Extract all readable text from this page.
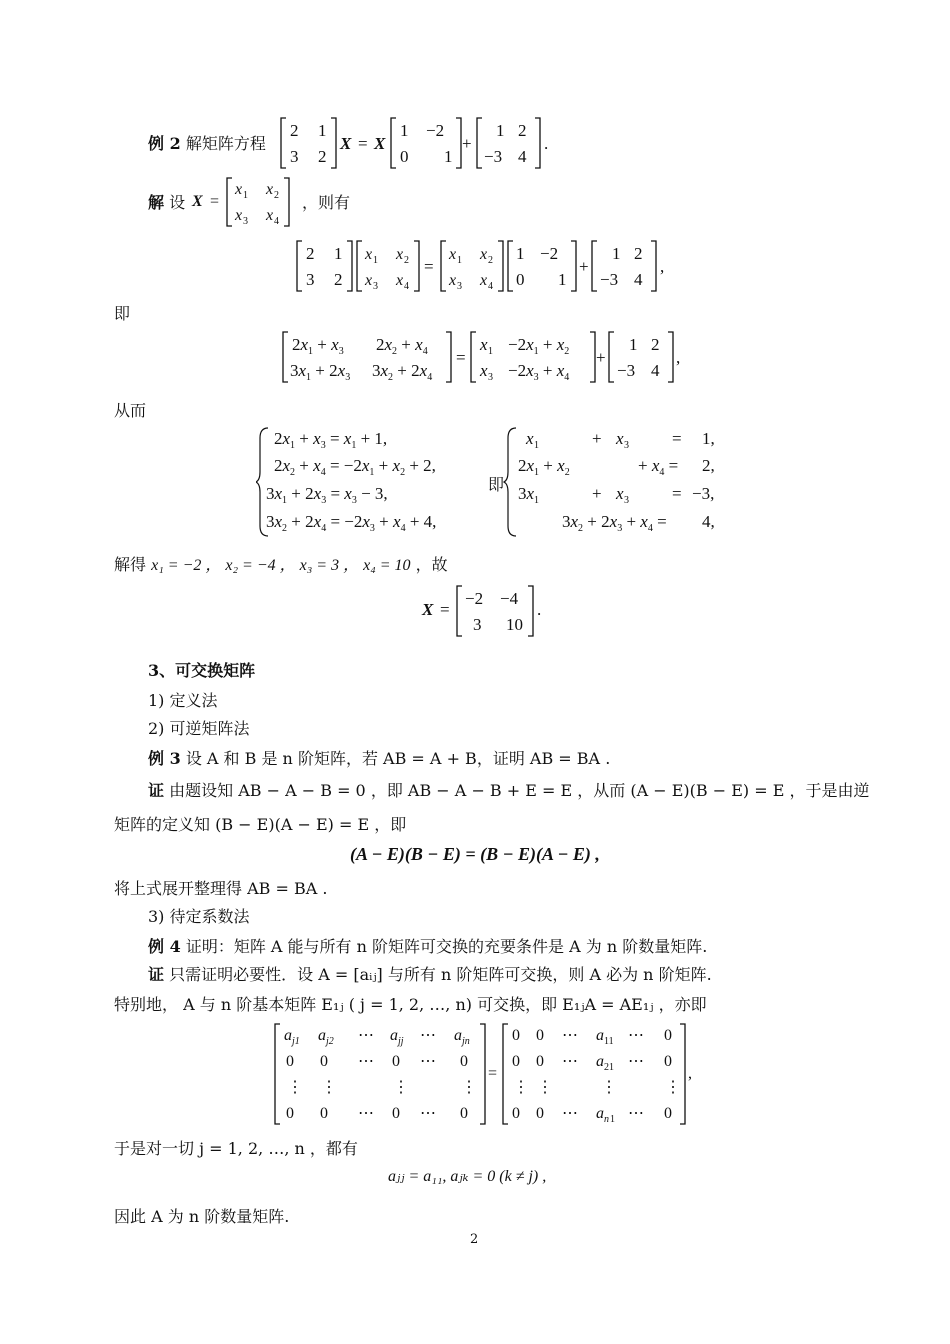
例 2 解矩阵方程
2 1
3 2
X = X
1 −2
0 1
+
1 2
−3 4
.
解 设 X =
x 1 x 2
x 3 x 4
，则有
2 1
3 2
x 1 x 2
x 3 x 4
=
x 1 x 2
x 3 x 4
1 −2
0 1
+
1 2
−3 4
,
即
$2x_1 + x_3$ $2x_2 + x_4$
$3x_1 + 2x_3$ $3x_2 + 2x_4$
=
x $1 -2x_1 + x_2$
x $3 -2x_3 + x_4$
+
1 2
−3 4
,
从而
$2x_1 + x_3 = x_1 + 1$,
$2x_2 + x_4 = -2x_1 + x_2 + 2$,
$3x_1 + 2x_3 = x_3 - 3$,
$3x_2 + 2x_4 = -2x_3 + x_4 + 4$,
x 1	+ x 3	= 1,
$2x_1 + x_2$	+ $x_4 = 2$,
$3x_1$	+ x 3	= −3,
$3x_2 + 2x_3 + x_4 = 4$,
即
解得 x₁ = −2 ， x₂ = −4 ， x₃ = 3 ， x₄ = 10 ，故
X =
−2 −4
3 10
.
3、可交换矩阵
1) 定义法
2) 可逆矩阵法
例 3 设 A 和 B 是 n 阶矩阵，若 AB = A + B，证明 AB = BA .
证 由题设知 AB − A − B = 0 ，即 AB − A − B + E = E ，从而 (A − E)(B − E) = E ，于是由逆
矩阵的定义知 (B − E)(A − E) = E ，即
(A − E)(B − E) = (B − E)(A − E) ,
将上式展开整理得 AB = BA .
3) 待定系数法
例 4 证明：矩阵 A 能与所有 n 阶矩阵可交换的充要条件是 A 为 n 阶数量矩阵.
证 只需证明必要性．设 A = [aᵢⱼ] 与所有 n 阶矩阵可交换，则 A 必为 n 阶矩阵.
特别地， A 与 n 阶基本矩阵 E₁ⱼ ( j = 1, 2, …, n) 可交换，即 E₁ⱼA = AE₁ⱼ ，亦即
a j1 a j2 ⋯ a jj ⋯ a jn
0 0 ⋯ 0 ⋯ 0
⋮ ⋮	⋮	⋮
0 0 ⋯ 0 ⋯ 0
=
0 0 ⋯ a 11 ⋯ 0
0 0 ⋯ a 21 ⋯ 0
⋮ ⋮	⋮	⋮
0 0 ⋯ a n 1 ⋯ 0
,
于是对一切 j = 1, 2, …, n ，都有
aⱼⱼ = a₁₁, aⱼₖ = 0 (k ≠ j) ,
因此 A 为 n 阶数量矩阵.
2
